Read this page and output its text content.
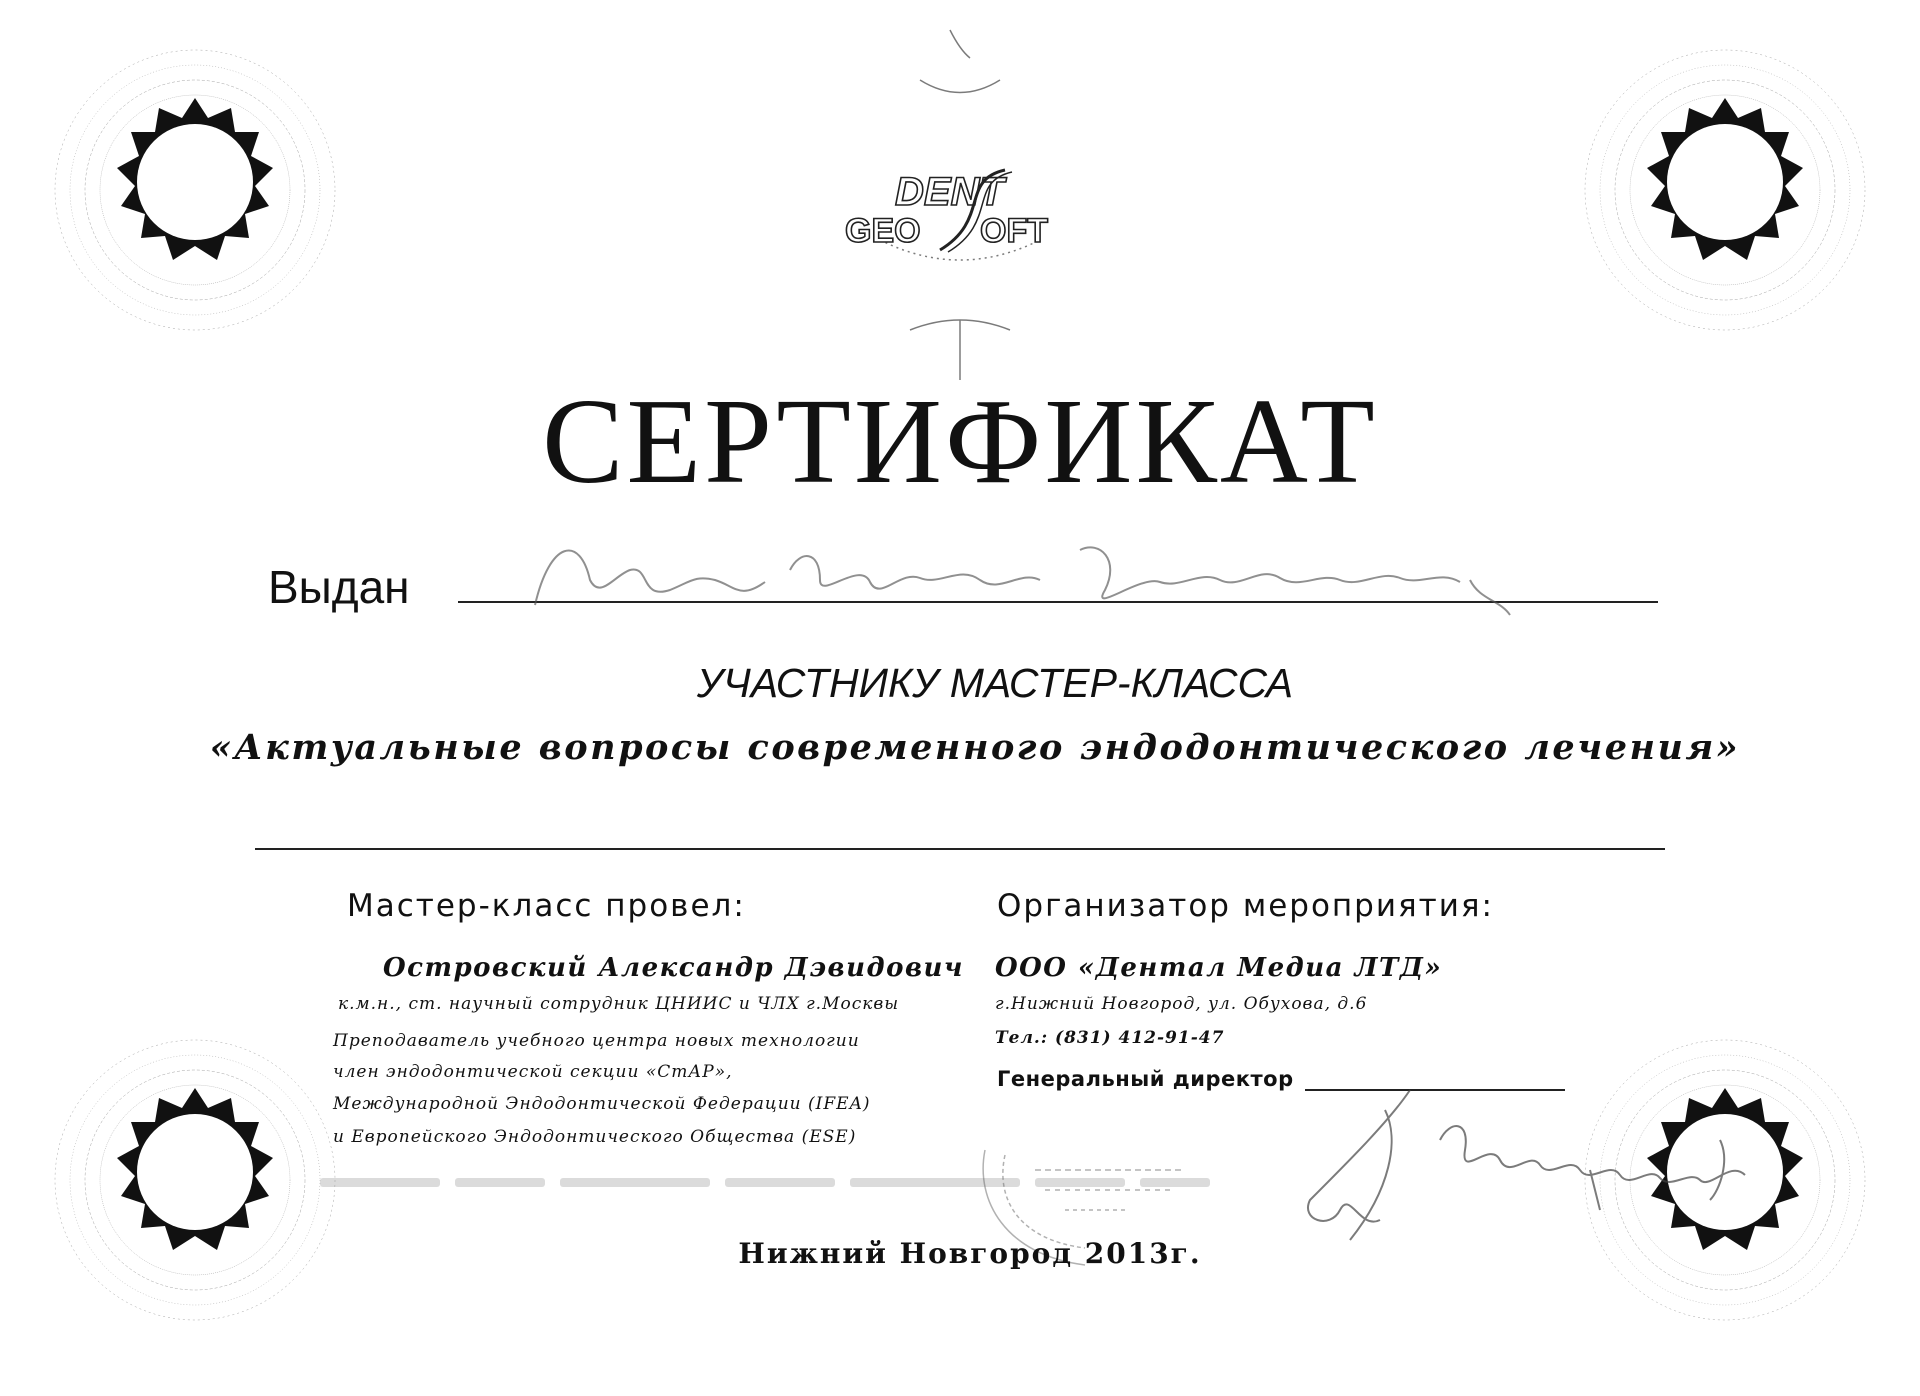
DENT
GEO OFT
СЕРТИФИКАТ
Выдан
УЧАСТНИКУ МАСТЕР-КЛАССА
«Актуальные вопросы современного эндодонтического лечения»
Мастер-класс провел:
Островский Александр Дэвидович
к.м.н., ст. научный сотрудник ЦНИИС и ЧЛХ г.Москвы
Преподаватель учебного центра новых технологии
член эндодонтической секции «СтАР»,
Международной Эндодонтической Федерации (IFEA)
и Европейского Эндодонтического Общества (ESE)
Организатор мероприятия:
ООО «Дентал Медиа ЛТД»
г.Нижний Новгород, ул. Обухова, д.6
Тел.: (831) 412-91-47
Генеральный директор
Нижний Новгород 2013г.
